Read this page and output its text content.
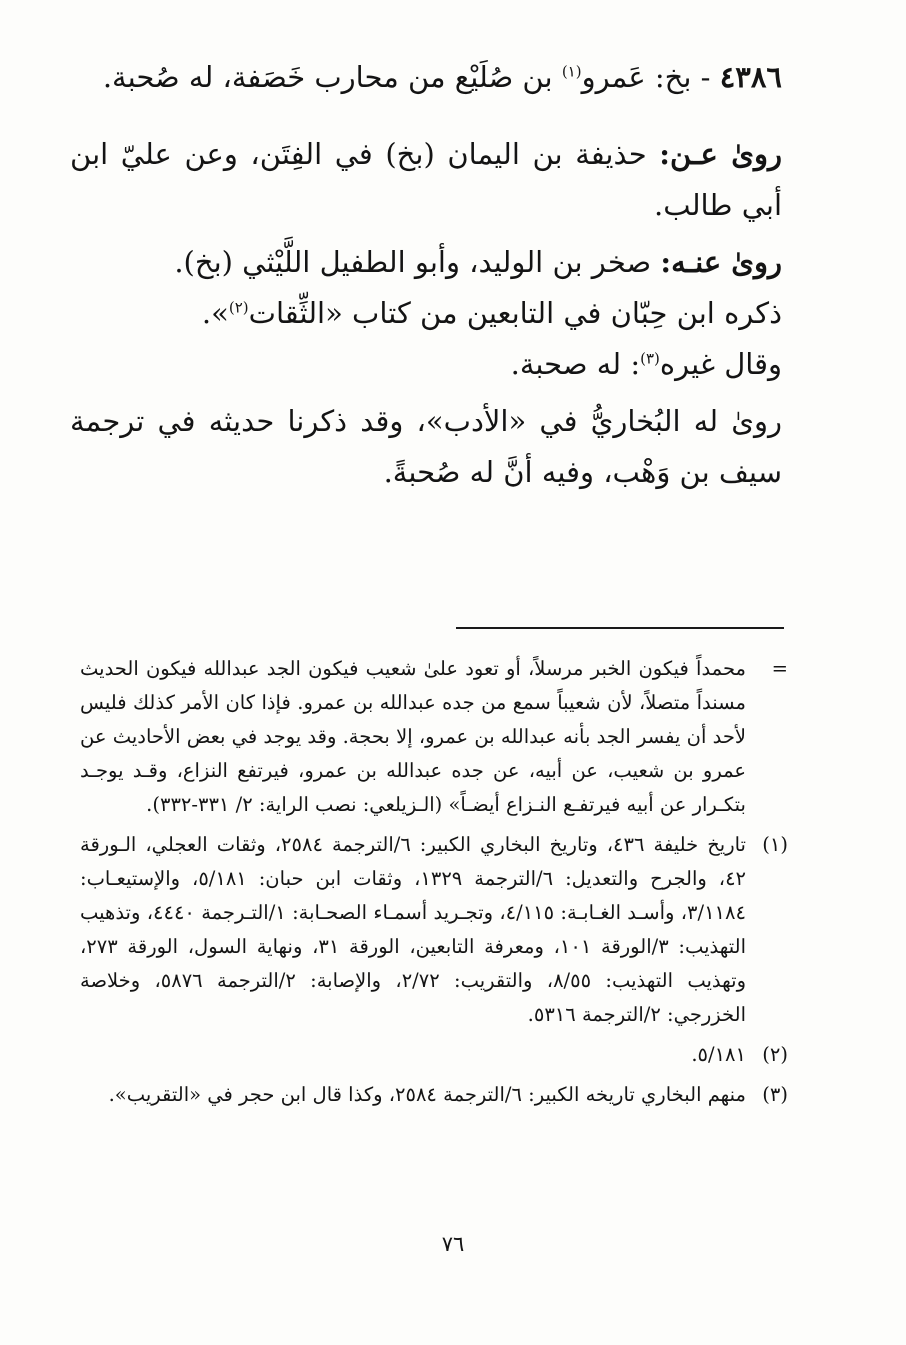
٤٣٨٦ - بخ: عَمرو$^{(١)}$ بن صُلَيْع من محارب خَصَفة، له صُحبة.

روىٰ عـن: حذيفة بن اليمان (بخ) في الفِتَن، وعن عليّ ابن أبي طالب.

روىٰ عنـه: صخر بن الوليد، وأبو الطفيل اللَّيْثي (بخ).

ذكره ابن حِبّان في التابعين من كتاب «الثِّقات$^{(٢)}$».

وقال غيره$^{(٣)}$: له صحبة.

روىٰ له البُخاريُّ في «الأدب»، وقد ذكرنا حديثه في ترجمة سيف بن وَهْب، وفيه أنَّ له صُحبةً.

=
محمداً فيكون الخبر مرسلاً، أو تعود علىٰ شعيب فيكون الجد عبدالله فيكون الحديث مسنداً متصلاً، لأن شعيباً سمع من جده عبدالله بن عمرو. فإذا كان الأمر كذلك فليس لأحد أن يفسر الجد بأنه عبدالله بن عمرو، إلا بحجة. وقد يوجد في بعض الأحاديث عن عمرو بن شعيب، عن أبيه، عن جده عبدالله بن عمرو، فيرتفع النزاع، وقـد يوجـد بتكـرار عن أبيه فيرتفـع النـزاع أيضـاً» (الـزيلعي: نصب الراية: ٢/ ٣٣١-٣٣٢).
(١)
تاريخ خليفة ٤٣٦، وتاريخ البخاري الكبير: ٦/الترجمة ٢٥٨٤، وثقات العجلي، الـورقة ٤٢، والجرح والتعديل: ٦/الترجمة ١٣٢٩، وثقات ابن حبان: ٥/١٨١، والإستيعـاب: ٣/١١٨٤، وأسـد الغـابـة: ٤/١١٥، وتجـريد أسمـاء الصحـابة: ١/التـرجمة ٤٤٤٠، وتذهيب التهذيب: ٣/الورقة ١٠١، ومعرفة التابعين، الورقة ٣١، ونهاية السول، الورقة ٢٧٣، وتهذيب التهذيب: ٨/٥٥، والتقريب: ٢/٧٢، والإصابة: ٢/الترجمة ٥٨٧٦، وخلاصة الخزرجي: ٢/الترجمة ٥٣١٦.
(٢)
٥/١٨١.
(٣)
منهم البخاري تاريخه الكبير: ٦/الترجمة ٢٥٨٤، وكذا قال ابن حجر في «التقريب».
٧٦
